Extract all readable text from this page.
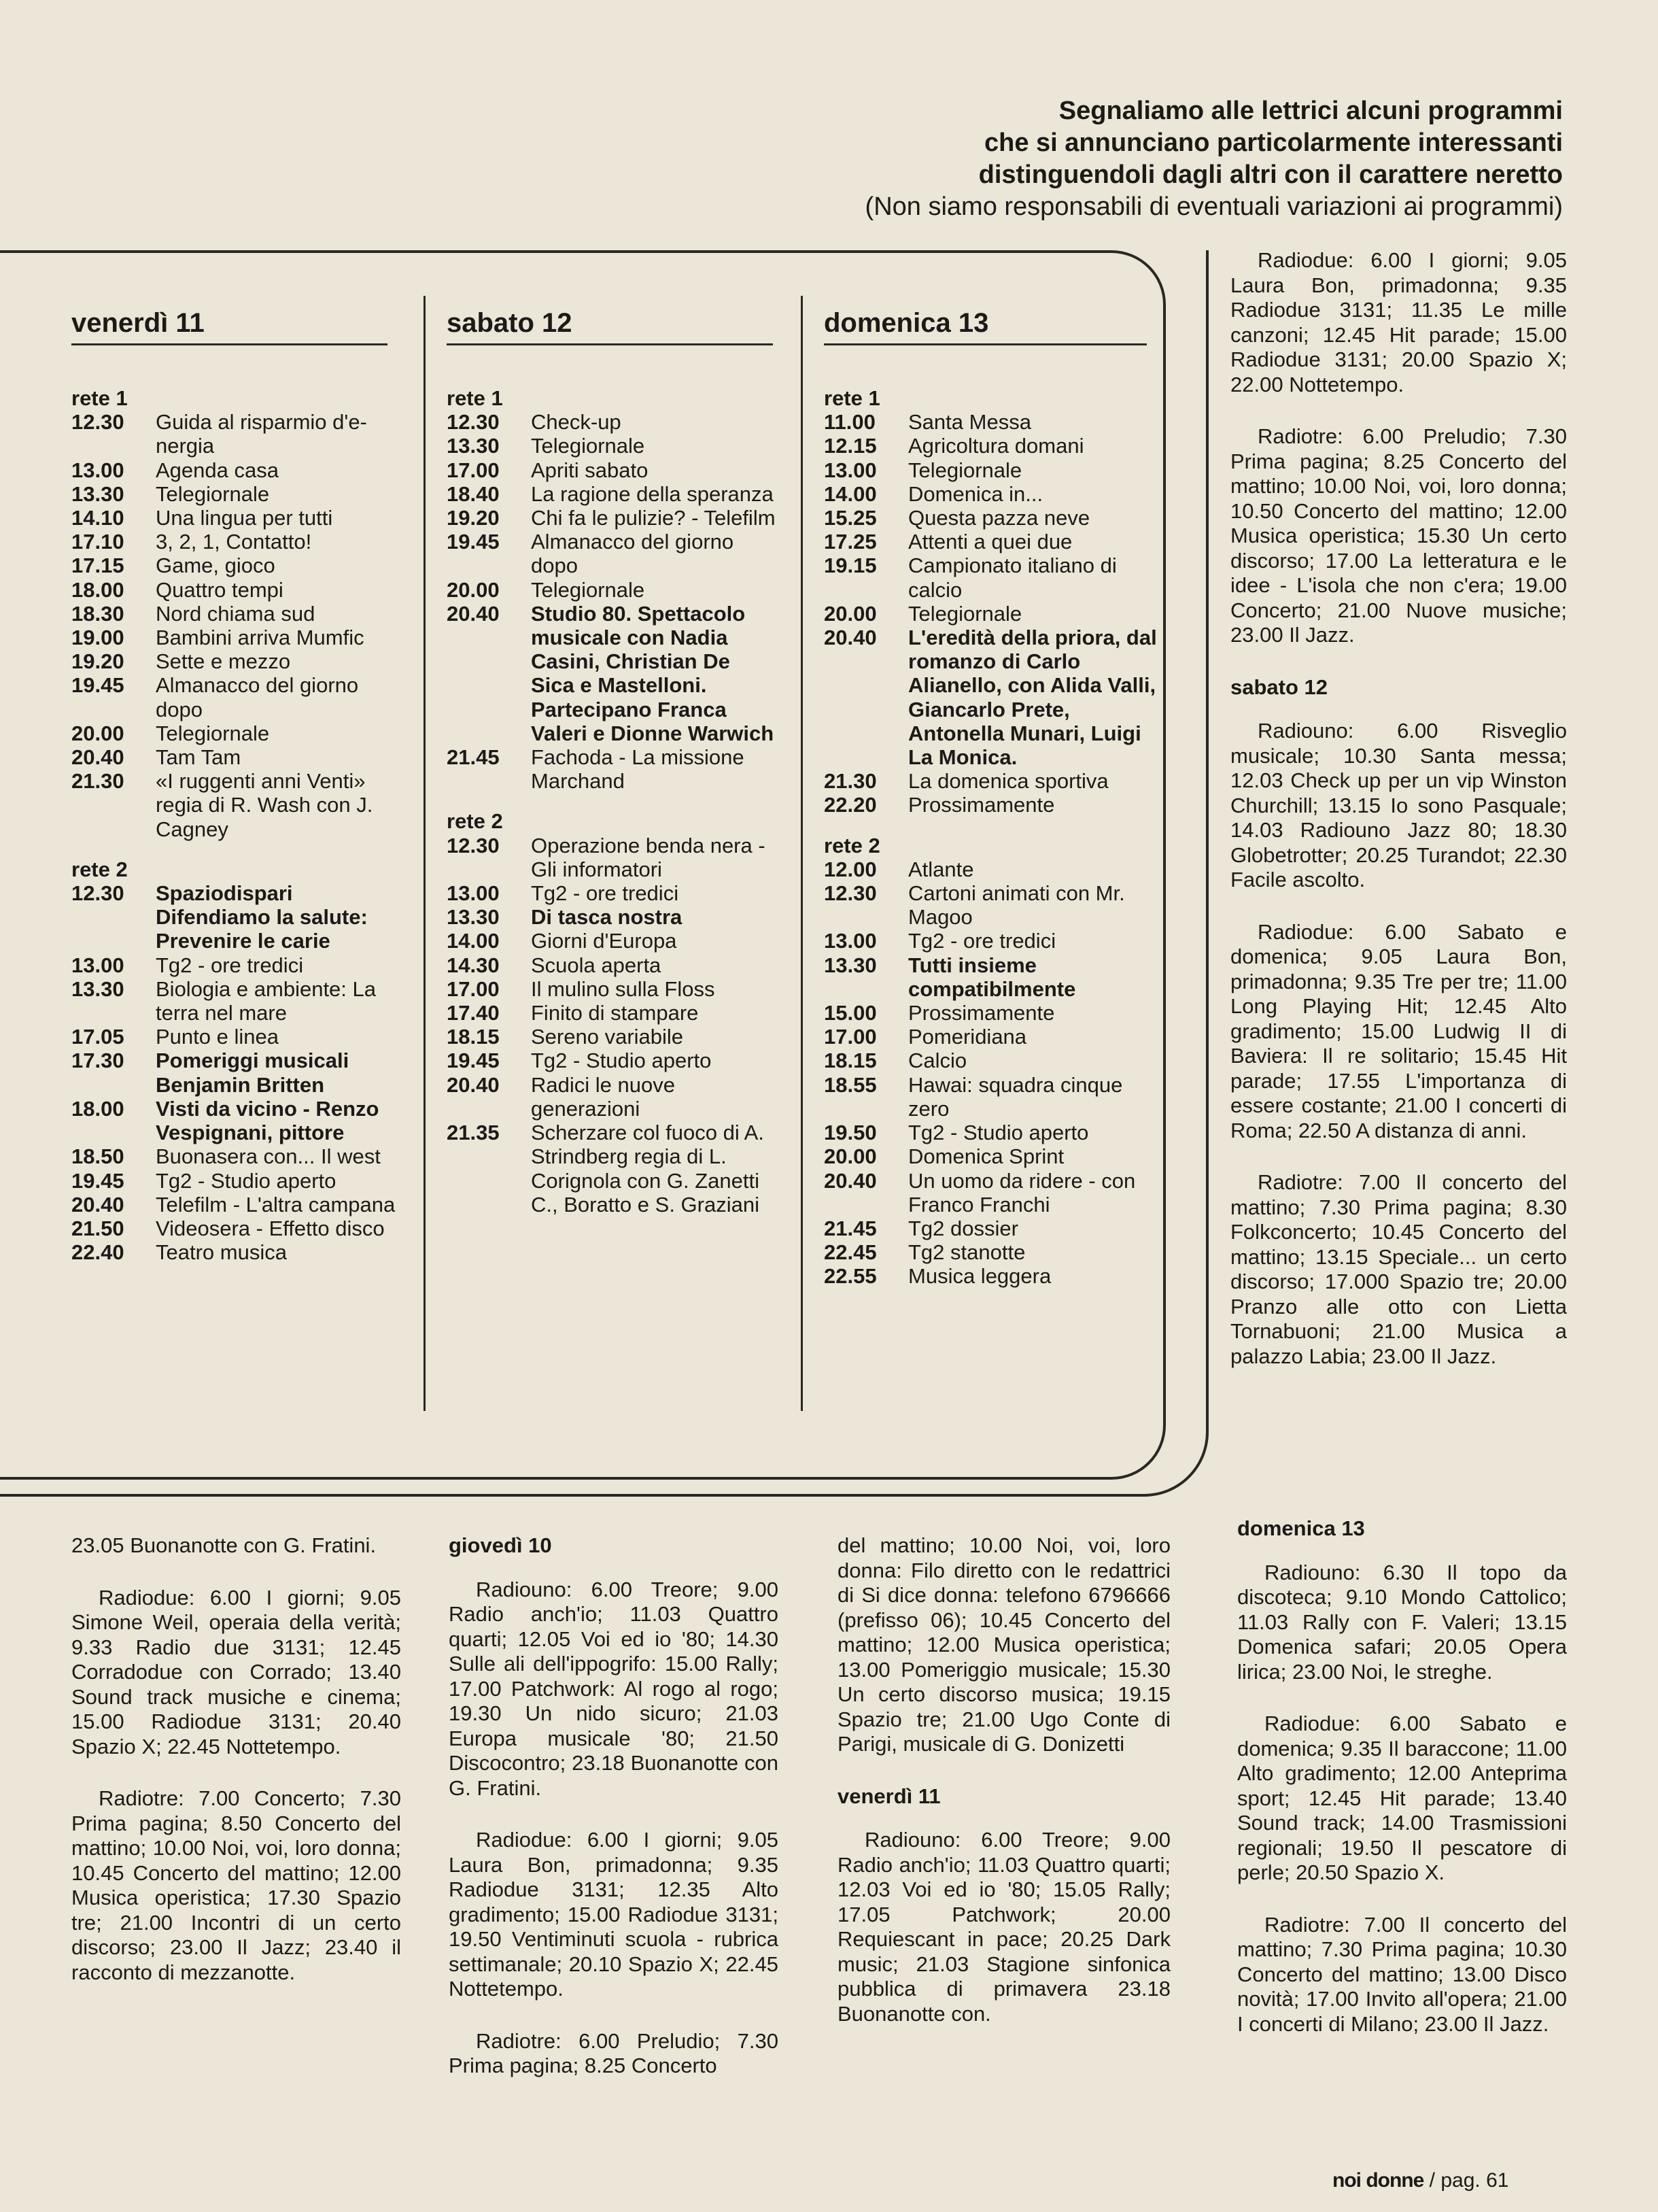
Segnaliamo alle lettrici alcuni programmi
che si annunciano particolarmente interessanti
distinguendoli dagli altri con il carattere neretto
(Non siamo responsabili di eventuali variazioni ai programmi)
venerdì 11	sabato 12	domenica 13
rete 1
12.30	Guida al risparmio d'e- nergia
13.00	Agenda casa
13.30	Telegiornale
14.10	Una lingua per tutti
17.10	3, 2, 1, Contatto!
17.15	Game, gioco
18.00	Quattro tempi
18.30	Nord chiama sud
19.00	Bambini arriva Mumfic
19.20	Sette e mezzo
19.45	Almanacco del giorno dopo
20.00	Telegiornale
20.40	Tam Tam
21.30	«I ruggenti anni Venti» regia di R. Wash con J. Cagney
rete 2
12.30	Spaziodispari Difendiamo la salute: Prevenire le carie
13.00	Tg2 - ore tredici
13.30	Biologia e ambiente: La terra nel mare
17.05	Punto e linea
17.30	Pomeriggi musicali Benjamin Britten
18.00	Visti da vicino - Renzo Vespignani, pittore
18.50	Buonasera con... Il west
19.45	Tg2 - Studio aperto
20.40	Telefilm - L'altra campana
21.50	Videosera - Effetto disco
22.40	Teatro musica
rete 1
12.30	Check-up
13.30	Telegiornale
17.00	Apriti sabato
18.40	La ragione della speranza
19.20	Chi fa le pulizie? - Telefilm
19.45	Almanacco del giorno dopo
20.00	Telegiornale
20.40	Studio 80. Spettacolo musicale con Nadia Casini, Christian De Sica e Mastelloni. Partecipano Franca Valeri e Dionne Warwich
21.45	Fachoda - La missione Marchand
rete 2
12.30	Operazione benda nera - Gli informatori
13.00	Tg2 - ore tredici
13.30	Di tasca nostra
14.00	Giorni d'Europa
14.30	Scuola aperta
17.00	Il mulino sulla Floss
17.40	Finito di stampare
18.15	Sereno variabile
19.45	Tg2 - Studio aperto
20.40	Radici le nuove generazioni
21.35	Scherzare col fuoco di A. Strindberg regia di L. Corignola con G. Zanetti C., Boratto e S. Graziani
rete 1
11.00	Santa Messa
12.15	Agricoltura domani
13.00	Telegiornale
14.00	Domenica in...
15.25	Questa pazza neve
17.25	Attenti a quei due
19.15	Campionato italiano di calcio
20.00	Telegiornale
20.40	L'eredità della priora, dal romanzo di Carlo Alianello, con Alida Valli, Giancarlo Prete, Antonella Munari, Luigi La Monica.
21.30	La domenica sportiva
22.20	Prossimamente
rete 2
12.00	Atlante
12.30	Cartoni animati con Mr. Magoo
13.00	Tg2 - ore tredici
13.30	Tutti insieme compatibilmente
15.00	Prossimamente
17.00	Pomeridiana
18.15	Calcio
18.55	Hawai: squadra cinque zero
19.50	Tg2 - Studio aperto
20.00	Domenica Sprint
20.40	Un uomo da ridere - con Franco Franchi
21.45	Tg2 dossier
22.45	Tg2 stanotte
22.55	Musica leggera

Radiodue: 6.00 I giorni; 9.05 Laura Bon, primadonna; 9.35 Radiodue 3131; 11.35 Le mille canzoni; 12.45 Hit parade; 15.00 Radiodue 3131; 20.00 Spazio X; 22.00 Nottetempo.

Radiotre: 6.00 Preludio; 7.30 Prima pagina; 8.25 Concerto del mattino; 10.00 Noi, voi, loro donna; 10.50 Concerto del mattino; 12.00 Musica operistica; 15.30 Un certo discorso; 17.00 La letteratura e le idee - L'isola che non c'era; 19.00 Concerto; 21.00 Nuove musiche; 23.00 Il Jazz.

sabato 12

Radiouno: 6.00 Risveglio musicale; 10.30 Santa messa; 12.03 Check up per un vip Winston Churchill; 13.15 Io sono Pasquale; 14.03 Radiouno Jazz 80; 18.30 Globetrotter; 20.25 Turandot; 22.30 Facile ascolto.

Radiodue: 6.00 Sabato e domenica; 9.05 Laura Bon, primadonna; 9.35 Tre per tre; 11.00 Long Playing Hit; 12.45 Alto gradimento; 15.00 Ludwig II di Baviera: Il re solitario; 15.45 Hit parade; 17.55 L'importanza di essere costante; 21.00 I concerti di Roma; 22.50 A distanza di anni.

Radiotre: 7.00 Il concerto del mattino; 7.30 Prima pagina; 8.30 Folkconcerto; 10.45 Concerto del mattino; 13.15 Speciale... un certo discorso; 17.000 Spazio tre; 20.00 Pranzo alle otto con Lietta Tornabuoni; 21.00 Musica a palazzo Labia; 23.00 Il Jazz.

23.05 Buonanotte con G. Fratini.

Radiodue: 6.00 I giorni; 9.05 Simone Weil, operaia della verità; 9.33 Radio due 3131; 12.45 Corradodue con Corrado; 13.40 Sound track musiche e cinema; 15.00 Radiodue 3131; 20.40 Spazio X; 22.45 Nottetempo.

Radiotre: 7.00 Concerto; 7.30 Prima pagina; 8.50 Concerto del mattino; 10.00 Noi, voi, loro donna; 10.45 Concerto del mattino; 12.00 Musica operistica; 17.30 Spazio tre; 21.00 Incontri di un certo discorso; 23.00 Il Jazz; 23.40 il racconto di mezzanotte.

giovedì 10

Radiouno: 6.00 Treore; 9.00 Radio anch'io; 11.03 Quattro quarti; 12.05 Voi ed io '80; 14.30 Sulle ali dell'ippogrifo: 15.00 Rally; 17.00 Patchwork: Al rogo al rogo; 19.30 Un nido sicuro; 21.03 Europa musicale '80; 21.50 Discocontro; 23.18 Buonanotte con G. Fratini.

Radiodue: 6.00 I giorni; 9.05 Laura Bon, primadonna; 9.35 Radiodue 3131; 12.35 Alto gradimento; 15.00 Radiodue 3131; 19.50 Ventiminuti scuola - rubrica settimanale; 20.10 Spazio X; 22.45 Nottetempo.

Radiotre: 6.00 Preludio; 7.30 Prima pagina; 8.25 Concerto

del mattino; 10.00 Noi, voi, loro donna: Filo diretto con le redattrici di Si dice donna: telefono 6796666 (prefisso 06); 10.45 Concerto del mattino; 12.00 Musica operistica; 13.00 Pomeriggio musicale; 15.30 Un certo discorso musica; 19.15 Spazio tre; 21.00 Ugo Conte di Parigi, musicale di G. Donizetti

venerdì 11

Radiouno: 6.00 Treore; 9.00 Radio anch'io; 11.03 Quattro quarti; 12.03 Voi ed io '80; 15.05 Rally; 17.05 Patchwork; 20.00 Requiescant in pace; 20.25 Dark music; 21.03 Stagione sinfonica pubblica di primavera 23.18 Buonanotte con.

domenica 13

Radiouno: 6.30 Il topo da discoteca; 9.10 Mondo Cattolico; 11.03 Rally con F. Valeri; 13.15 Domenica safari; 20.05 Opera lirica; 23.00 Noi, le streghe.

Radiodue: 6.00 Sabato e domenica; 9.35 Il baraccone; 11.00 Alto gradimento; 12.00 Anteprima sport; 12.45 Hit parade; 13.40 Sound track; 14.00 Trasmissioni regionali; 19.50 Il pescatore di perle; 20.50 Spazio X.

Radiotre: 7.00 Il concerto del mattino; 7.30 Prima pagina; 10.30 Concerto del mattino; 13.00 Disco novità; 17.00 Invito all'opera; 21.00 I concerti di Milano; 23.00 Il Jazz.

noi donne / pag. 61
